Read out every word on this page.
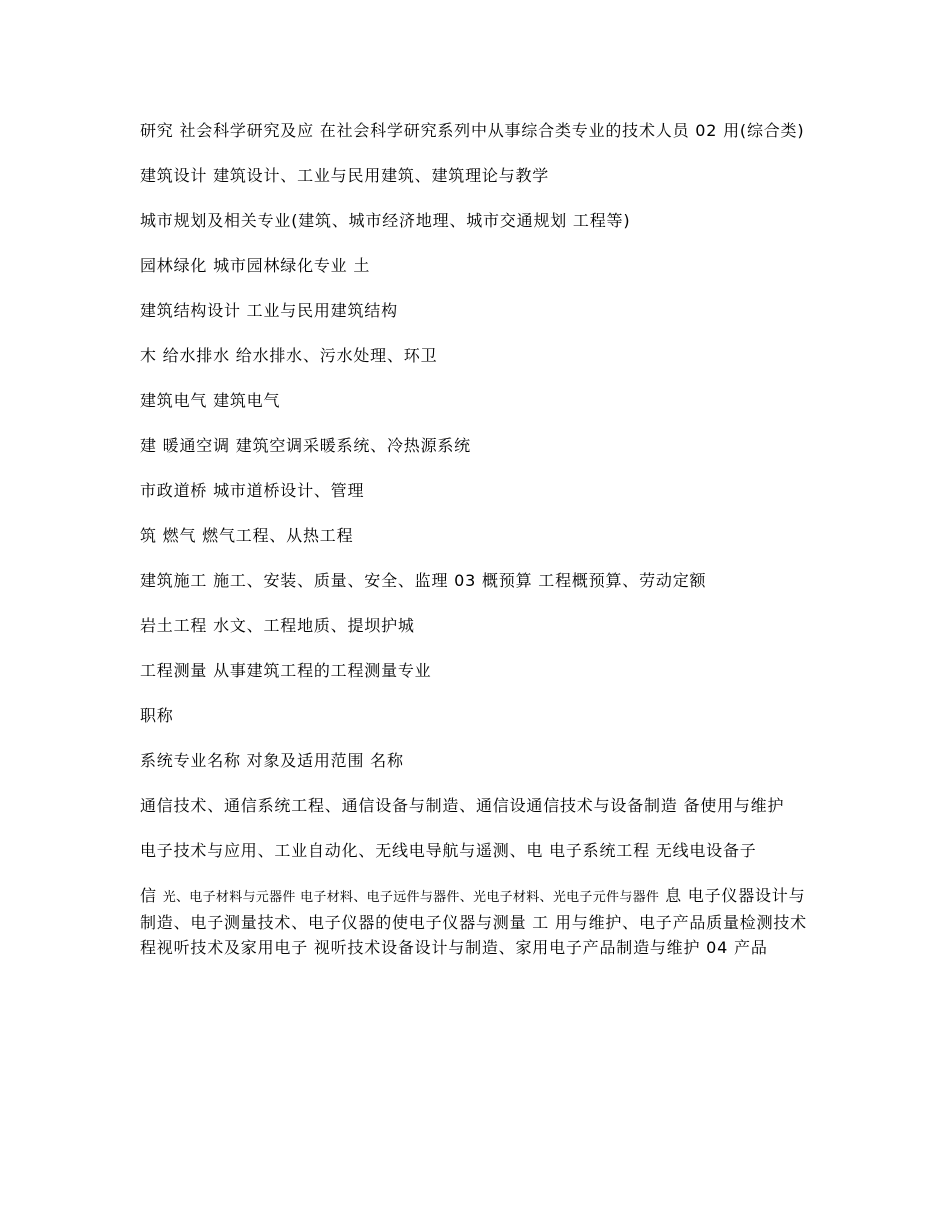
研究 社会科学研究及应 在社会科学研究系列中从事综合类专业的技术人员 02 用(综合类)

建筑设计 建筑设计、工业与民用建筑、建筑理论与教学

城市规划及相关专业(建筑、城市经济地理、城市交通规划 工程等)

园林绿化 城市园林绿化专业 土

建筑结构设计 工业与民用建筑结构

木 给水排水 给水排水、污水处理、环卫

建筑电气 建筑电气

建 暖通空调 建筑空调采暖系统、冷热源系统

市政道桥 城市道桥设计、管理

筑 燃气 燃气工程、从热工程

建筑施工 施工、安装、质量、安全、监理 03 概预算 工程概预算、劳动定额

岩土工程 水文、工程地质、提坝护城

工程测量 从事建筑工程的工程测量专业

职称

系统专业名称 对象及适用范围 名称

通信技术、通信系统工程、通信设备与制造、通信设通信技术与设备制造 备使用与维护

电子技术与应用、工业自动化、无线电导航与遥测、电 电子系统工程 无线电设备子

信 光、电子材料与元器件 电子材料、电子远件与器件、光电子材料、光电子元件与器件 息 电子仪器设计与制造、电子测量技术、电子仪器的使电子仪器与测量 工 用与维护、电子产品质量检测技术 程视听技术及家用电子 视听技术设备设计与制造、家用电子产品制造与维护 04 产品
